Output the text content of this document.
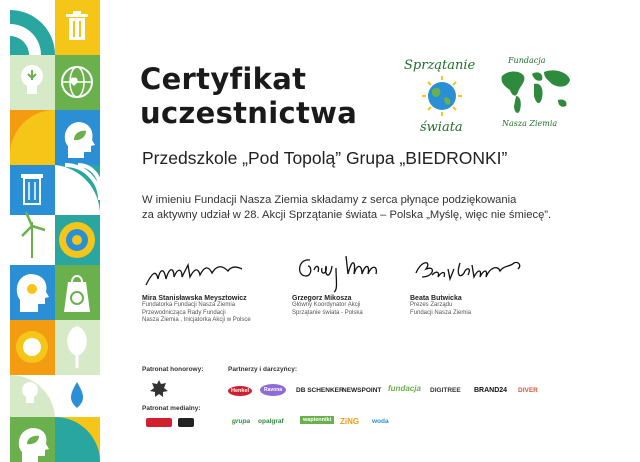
Certyfikat
uczestnictwa
Sprzątanie
świata
Fundacja
Nasza Ziemia
Przedszkole „Pod Topolą” Grupa „BIEDRONKI”
W imieniu Fundacji Nasza Ziemia składamy z serca płynące podziękowania
za aktywny udział w 28. Akcji Sprzątanie świata – Polska „Myślę, więc nie śmiecę”.
Mira Stanisławska Meysztowicz
Fundatorka Fundacji Nasza Ziemia
Przewodnicząca Rady Fundacji
Nasza Ziemia , Inicjatorka Akcji w Polsce
Grzegorz Mikosza
Główny Koordynator Akcji
Sprzątanie świata - Polska
Beata Butwicka
Prezes Zarządu
Fundacji Nasza Ziemia
Patronat honorowy:
Patronat medialny:
Partnerzy i darczyńcy:
Henkel	Ravona	DB SCHENKER
NEWSPOINT fundacja DIGITREE BRAND24 DIVER
grupa opalgraf	wapienniki	ZiNG woda
